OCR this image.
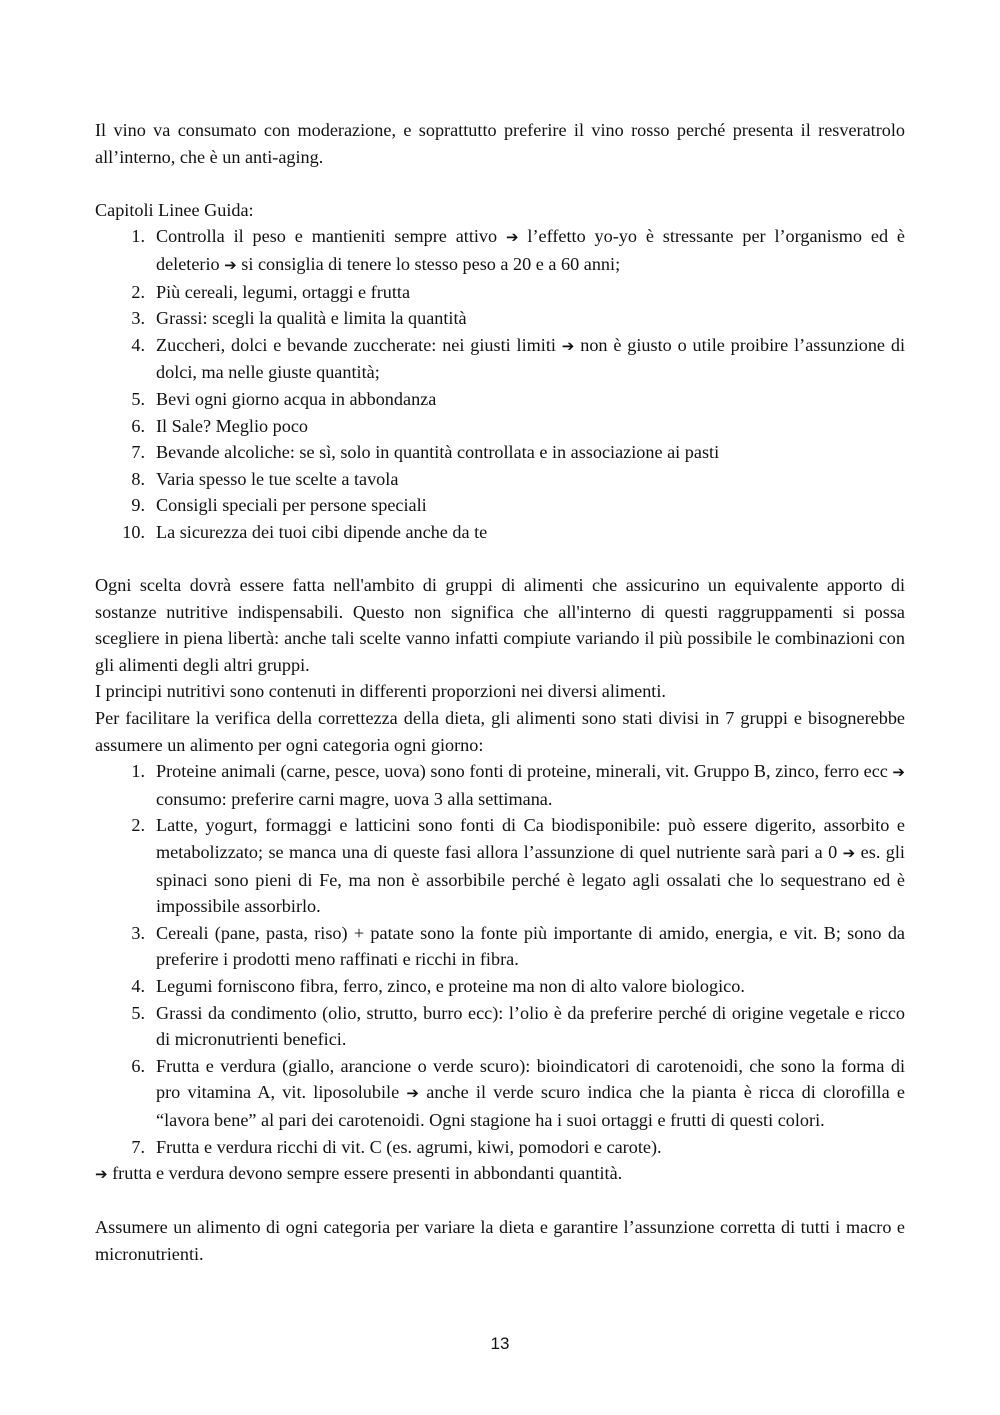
Il vino va consumato con moderazione, e soprattutto preferire il vino rosso perché presenta il resveratrolo all’interno, che è un anti-aging.

Capitoli Linee Guida:

1. Controlla il peso e mantieniti sempre attivo ➔ l’effetto yo-yo è stressante per l’organismo ed è deleterio ➔ si consiglia di tenere lo stesso peso a 20 e a 60 anni;
2. Più cereali, legumi, ortaggi e frutta
3. Grassi: scegli la qualità e limita la quantità
4. Zuccheri, dolci e bevande zuccherate: nei giusti limiti ➔ non è giusto o utile proibire l’assunzione di dolci, ma nelle giuste quantità;
5. Bevi ogni giorno acqua in abbondanza
6. Il Sale? Meglio poco
7. Bevande alcoliche: se sì, solo in quantità controllata e in associazione ai pasti
8. Varia spesso le tue scelte a tavola
9. Consigli speciali per persone speciali
10. La sicurezza dei tuoi cibi dipende anche da te

Ogni scelta dovrà essere fatta nell'ambito di gruppi di alimenti che assicurino un equivalente apporto di sostanze nutritive indispensabili. Questo non significa che all'interno di questi raggruppamenti si possa scegliere in piena libertà: anche tali scelte vanno infatti compiute variando il più possibile le combinazioni con gli alimenti degli altri gruppi.

I principi nutritivi sono contenuti in differenti proporzioni nei diversi alimenti.

Per facilitare la verifica della correttezza della dieta, gli alimenti sono stati divisi in 7 gruppi e bisognerebbe assumere un alimento per ogni categoria ogni giorno:

1. Proteine animali (carne, pesce, uova) sono fonti di proteine, minerali, vit. Gruppo B, zinco, ferro ecc ➔ consumo: preferire carni magre, uova 3 alla settimana.
2. Latte, yogurt, formaggi e latticini sono fonti di Ca biodisponibile: può essere digerito, assorbito e metabolizzato; se manca una di queste fasi allora l’assunzione di quel nutriente sarà pari a 0 ➔ es. gli spinaci sono pieni di Fe, ma non è assorbibile perché è legato agli ossalati che lo sequestrano ed è impossibile assorbirlo.
3. Cereali (pane, pasta, riso) + patate sono la fonte più importante di amido, energia, e vit. B; sono da preferire i prodotti meno raffinati e ricchi in fibra.
4. Legumi forniscono fibra, ferro, zinco, e proteine ma non di alto valore biologico.
5. Grassi da condimento (olio, strutto, burro ecc): l’olio è da preferire perché di origine vegetale e ricco di micronutrienti benefici.
6. Frutta e verdura (giallo, arancione o verde scuro): bioindicatori di carotenoidi, che sono la forma di pro vitamina A, vit. liposolubile ➔ anche il verde scuro indica che la pianta è ricca di clorofilla e “lavora bene” al pari dei carotenoidi. Ogni stagione ha i suoi ortaggi e frutti di questi colori.
7. Frutta e verdura ricchi di vit. C (es. agrumi, kiwi, pomodori e carote).

➔ frutta e verdura devono sempre essere presenti in abbondanti quantità.

Assumere un alimento di ogni categoria per variare la dieta e garantire l’assunzione corretta di tutti i macro e micronutrienti.

13
